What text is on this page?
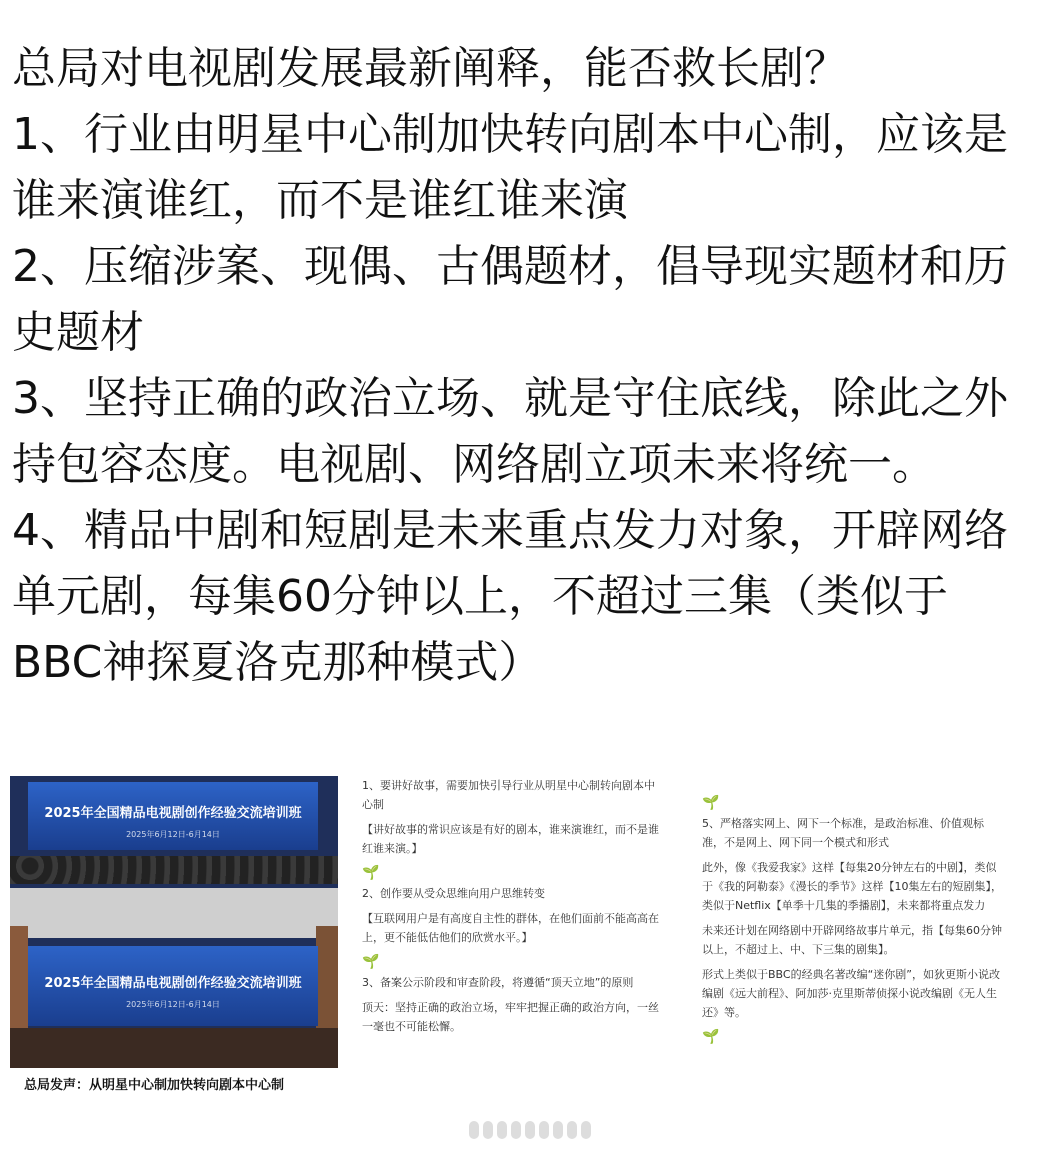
总局对电视剧发展最新阐释，能否救长剧？

1、行业由明星中心制加快转向剧本中心制，应该是谁来演谁红，而不是谁红谁来演

2、压缩涉案、现偶、古偶题材，倡导现实题材和历史题材

3、坚持正确的政治立场、就是守住底线，除此之外持包容态度。电视剧、网络剧立项未来将统一。

4、精品中剧和短剧是未来重点发力对象，开辟网络单元剧，每集60分钟以上，不超过三集（类似于BBC神探夏洛克那种模式）

2025年全国精品电视剧创作经验交流培训班
2025年6月12日-6月14日
2025年全国精品电视剧创作经验交流培训班
2025年6月12日-6月14日
总局发声：从明星中心制加快转向剧本中心制

1、要讲好故事，需要加快引导行业从明星中心制转向剧本中心制

【讲好故事的常识应该是有好的剧本，谁来演谁红，而不是谁红谁来演。】

🌱

2、创作要从受众思维向用户思维转变

【互联网用户是有高度自主性的群体，在他们面前不能高高在上，更不能低估他们的欣赏水平。】

🌱

3、备案公示阶段和审查阶段，将遵循“顶天立地”的原则

顶天：坚持正确的政治立场，牢牢把握正确的政治方向，一丝一毫也不可能松懈。

🌱

5、严格落实网上、网下一个标准，是政治标准、价值观标准，不是网上、网下同一个模式和形式

此外，像《我爱我家》这样【每集20分钟左右的中剧】，类似于《我的阿勒泰》《漫长的季节》这样【10集左右的短剧集】，类似于Netflix【单季十几集的季播剧】，未来都将重点发力

未来还计划在网络剧中开辟网络故事片单元，指【每集60分钟以上，不超过上、中、下三集的剧集】。

形式上类似于BBC的经典名著改编“迷你剧”，如狄更斯小说改编剧《远大前程》、阿加莎·克里斯蒂侦探小说改编剧《无人生还》等。

🌱
